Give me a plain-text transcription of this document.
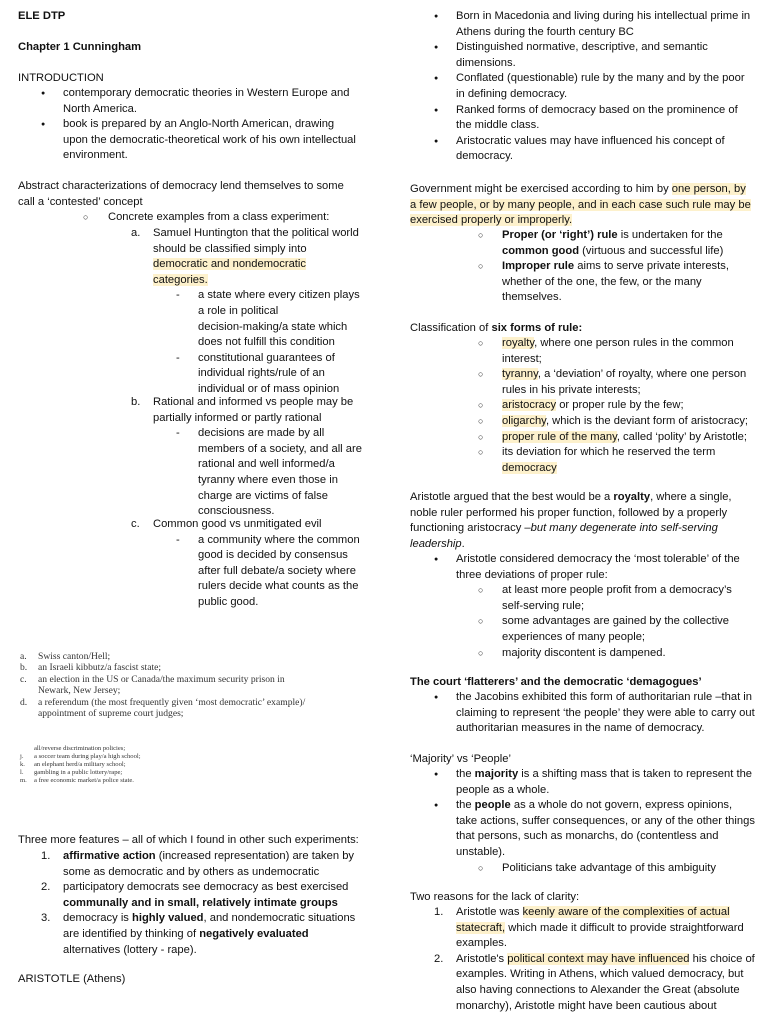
ELE DTP

Chapter 1 Cunningham

INTRODUCTION

● contemporary democratic theories in Western Europe and

North America.

● book is prepared by an Anglo-North American, drawing

upon the democratic-theoretical work of his own intellectual

environment.

Abstract characterizations of democracy lend themselves to some

call a ‘contested’ concept

○	Concrete examples from a class experiment:

a. Samuel Huntington that the political world

should be classified simply into

democratic and nondemocratic

categories.

- a state where every citizen plays

a role in political

decision-making/a state which

does not fulfill this condition

- constitutional guarantees of

individual rights/rule of an

individual or of mass opinion

b. Rational and informed vs people may be

partially informed or partly rational

- decisions are made by all

members of a society, and all are

rational and well informed/a

tyranny where even those in

charge are victims of false

consciousness.

c. Common good vs unmitigated evil

- a community where the common

good is decided by consensus

after full debate/a society where

rulers decide what counts as the

public good.

a. Swiss canton/Hell;
b. an Israeli kibbutz/a fascist state;
c. an election in the US or Canada/the maximum security prison in
Newark, New Jersey;
d. a referendum (the most frequently given ‘most democratic’ example)/
appointment of supreme court judges;
all/reverse discrimination policies;
j. a soccer team during play/a high school;
k. an elephant herd/a military school;
l. gambling in a public lottery/rape;
m. a free economic market/a police state.

Three more features – all of which I found in other such experiments:

1. affirmative action (increased representation) are taken by

some as democratic and by others as undemocratic

2. participatory democrats see democracy as best exercised

communally and in small, relatively intimate groups

3. democracy is highly valued, and nondemocratic situations

are identified by thinking of negatively evaluated

alternatives (lottery - rape).

ARISTOTLE (Athens)

● Born in Macedonia and living during his intellectual prime in

Athens during the fourth century BC

● Distinguished normative, descriptive, and semantic

dimensions.

● Conflated (questionable) rule by the many and by the poor

in defining democracy.

● Ranked forms of democracy based on the prominence of

the middle class.

● Aristocratic values may have influenced his concept of

democracy.

Government might be exercised according to him by one person, by

a few people, or by many people, and in each case such rule may be

exercised properly or improperly.

○ Proper (or ‘right’) rule is undertaken for the

common good (virtuous and successful life)

○ Improper rule aims to serve private interests,

whether of the one, the few, or the many

themselves.

Classification of six forms of rule:

○ royalty, where one person rules in the common

interest;

○ tyranny, a ‘deviation’ of royalty, where one person

rules in his private interests;

○ aristocracy or proper rule by the few;

○ oligarchy, which is the deviant form of aristocracy;

○ proper rule of the many, called ‘polity’ by Aristotle;

○ its deviation for which he reserved the term

democracy

Aristotle argued that the best would be a royalty, where a single,

noble ruler performed his proper function, followed by a properly

functioning aristocracy –but many degenerate into self-serving

leadership.

● Aristotle considered democracy the ‘most tolerable’ of the

three deviations of proper rule:

○ at least more people profit from a democracy’s

self-serving rule;

○ some advantages are gained by the collective

experiences of many people;

○ majority discontent is dampened.

The court ‘flatterers’ and the democratic ‘demagogues’

● the Jacobins exhibited this form of authoritarian rule –that in

claiming to represent ‘the people’ they were able to carry out

authoritarian measures in the name of democracy.

‘Majority’ vs ‘People’

● the majority is a shifting mass that is taken to represent the

people as a whole.

● the people as a whole do not govern, express opinions,

take actions, suffer consequences, or any of the other things

that persons, such as monarchs, do (contentless and

unstable).

○ Politicians take advantage of this ambiguity

Two reasons for the lack of clarity:

1. Aristotle was keenly aware of the complexities of actual

statecraft, which made it difficult to provide straightforward

examples.

2. Aristotle's political context may have influenced his choice of

examples. Writing in Athens, which valued democracy, but

also having connections to Alexander the Great (absolute

monarchy), Aristotle might have been cautious about
